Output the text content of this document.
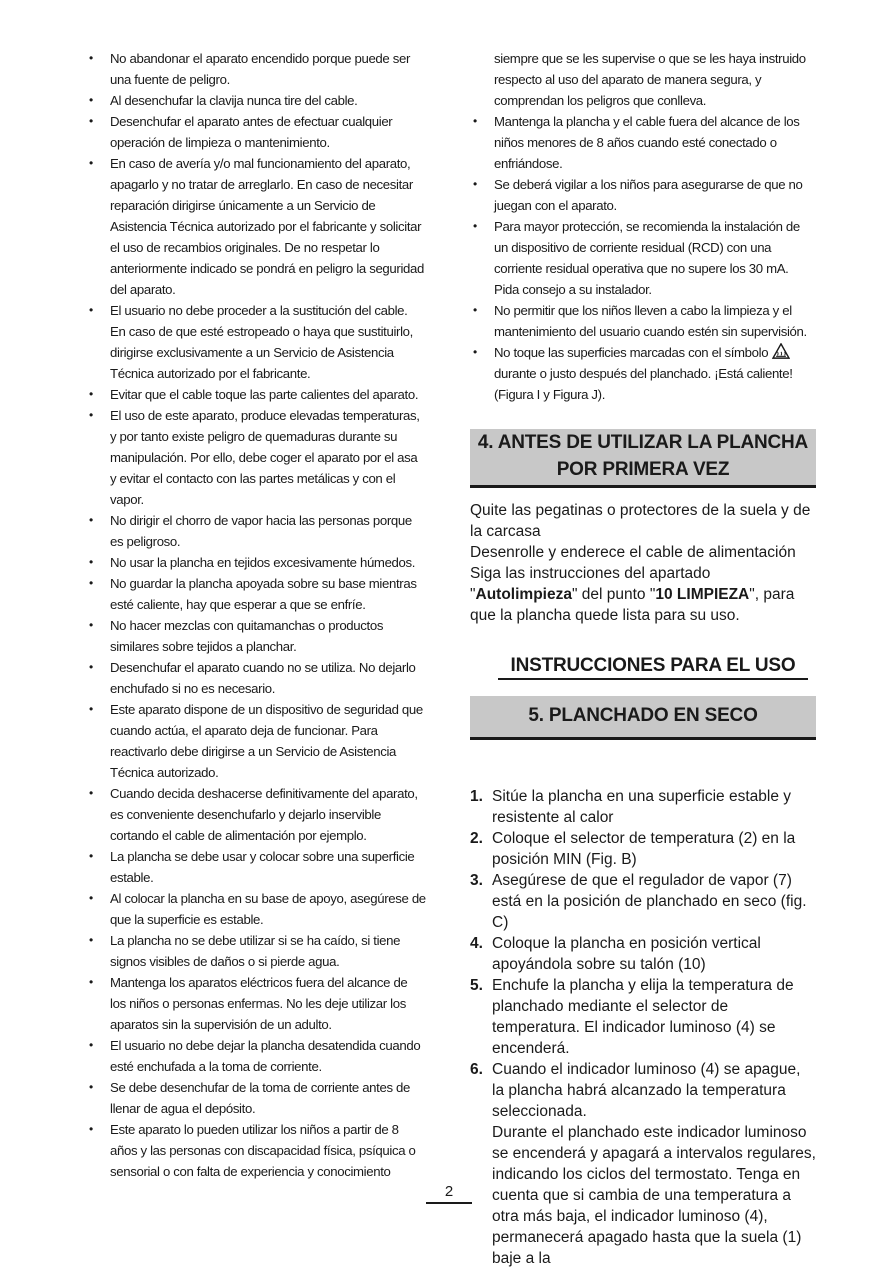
• No abandonar el aparato encendido porque puede ser una fuente de peligro.
• Al desenchufar la clavija nunca tire del cable.
• Desenchufar el aparato antes de efectuar cualquier operación de limpieza o mantenimiento.
• En caso de avería y/o mal funcionamiento del aparato, apagarlo y no tratar de arreglarlo. En caso de necesitar reparación dirigirse únicamente a un Servicio de Asistencia Técnica autorizado por el fabricante y solicitar el uso de recambios originales. De no respetar lo anteriormente indicado se pondrá en peligro la seguridad del aparato.
• El usuario no debe proceder a la sustitución del cable. En caso de que esté estropeado o haya que sustituirlo, dirigirse exclusivamente a un Servicio de Asistencia Técnica autorizado por el fabricante.
• Evitar que el cable toque las parte calientes del aparato.
• El uso de este aparato, produce elevadas temperaturas, y por tanto existe peligro de quemaduras durante su manipulación. Por ello, debe coger el aparato por el asa y evitar el contacto con las partes metálicas y con el vapor.
• No dirigir el chorro de vapor hacia las personas porque es peligroso.
• No usar la plancha en tejidos excesivamente húmedos.
• No guardar la plancha apoyada sobre su base mientras esté caliente, hay que esperar a que se enfríe.
• No hacer mezclas con quitamanchas o productos similares sobre tejidos a planchar.
• Desenchufar el aparato cuando no se utiliza. No dejarlo enchufado si no es necesario.
• Este aparato dispone de un dispositivo de seguridad que cuando actúa, el aparato deja de funcionar. Para reactivarlo debe dirigirse a un Servicio de Asistencia Técnica autorizado.
• Cuando decida deshacerse definitivamente del aparato, es conveniente desenchufarlo y dejarlo inservible cortando el cable de alimentación por ejemplo.
• La plancha se debe usar y colocar sobre una superficie estable.
• Al colocar la plancha en su base de apoyo, asegúrese de que la superficie es estable.
• La plancha no se debe utilizar si se ha caído, si tiene signos visibles de daños o si pierde agua.
• Mantenga los aparatos eléctricos fuera del alcance de los niños o personas enfermas. No les deje utilizar los aparatos sin la supervisión de un adulto.
• El usuario no debe dejar la plancha desatendida cuando esté enchufada a la toma de corriente.
• Se debe desenchufar de la toma de corriente antes de llenar de agua el depósito.
• Este aparato lo pueden utilizar los niños a partir de 8 años y las personas con discapacidad física, psíquica o sensorial o con falta de experiencia y conocimiento
siempre que se les supervise o que se les haya instruido respecto al uso del aparato de manera segura, y comprendan los peligros que conlleva.
• Mantenga la plancha y el cable fuera del alcance de los niños menores de 8 años cuando esté conectado o enfriándose.
• Se deberá vigilar a los niños para asegurarse de que no juegan con el aparato.
• Para mayor protección, se recomienda la instalación de un dispositivo de corriente residual (RCD) con una corriente residual operativa que no supere los 30 mA. Pida consejo a su instalador.
• No permitir que los niños lleven a cabo la limpieza y el mantenimiento del usuario cuando estén sin supervisión.
• No toque las superficies marcadas con el símbolo  durante o justo después del planchado. ¡Está caliente! (Figura I y Figura J).
4. ANTES DE UTILIZAR LA PLANCHA
POR PRIMERA VEZ
Quite las pegatinas o protectores de la suela y de la carcasa
Desenrolle y enderece el cable de alimentación
Siga las instrucciones del apartado
"Autolimpieza" del punto "10 LIMPIEZA", para que la plancha quede lista para su uso.
INSTRUCCIONES PARA EL USO
5. PLANCHADO EN SECO
1. Sitúe la plancha en una superficie estable y resistente al calor
2. Coloque el selector de temperatura (2) en la posición MIN (Fig. B)
3. Asegúrese de que el regulador de vapor (7) está en la posición de planchado en seco (fig. C)
4. Coloque la plancha en posición vertical apoyándola sobre su talón (10)
5. Enchufe la plancha y elija la temperatura de planchado mediante el selector de temperatura. El indicador luminoso (4) se encenderá.
6. Cuando el indicador luminoso (4) se apague, la plancha habrá alcanzado la temperatura seleccionada.
Durante el planchado este indicador luminoso se encenderá y apagará a intervalos regulares, indicando los ciclos del termostato. Tenga en cuenta que si cambia de una temperatura a otra más baja, el indicador luminoso (4), permanecerá apagado hasta que la suela (1) baje a la
2
